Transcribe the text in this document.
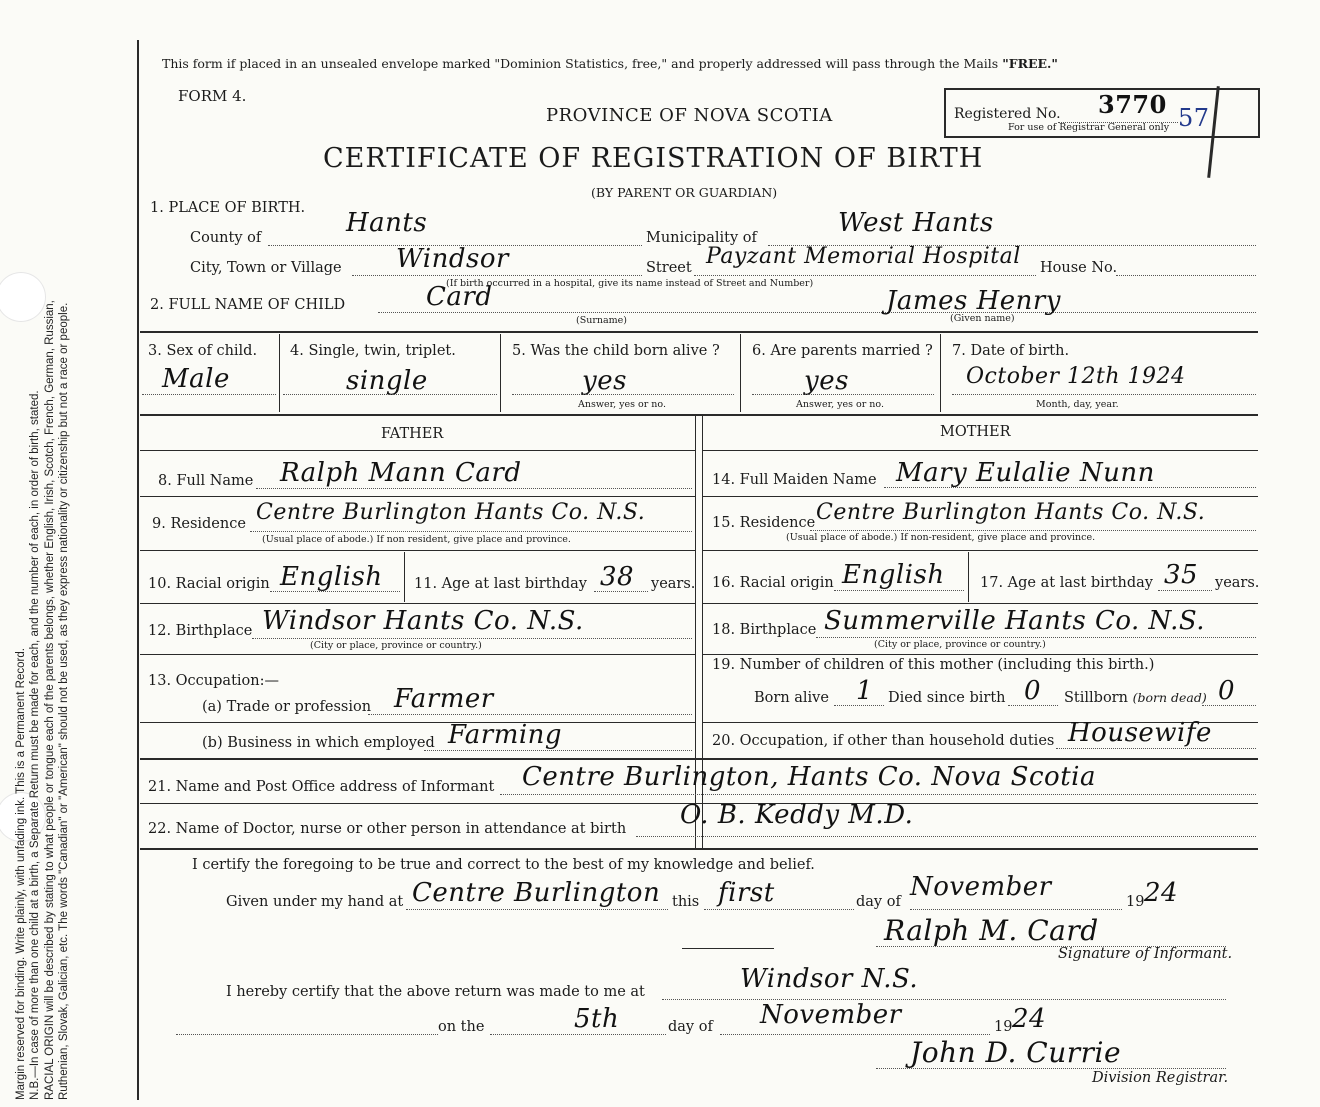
Margin reserved for binding. Write plainly, with unfading ink. This is a Permanent Record. N.B.—In case of more than one child at a birth, a Separate Return must be made for each, and the number of each, in order of birth, stated. RACIAL ORIGIN will be described by stating to what people or tongue each of the parents belongs, whether English, Irish, Scotch, French, German, Russian, Ruthenian, Slovak, Galician, etc. The words "Canadian" or "American" should not be used, as they express nationality or citizenship but not a race or people.
This form if placed in an unsealed envelope marked "Dominion Statistics, free," and properly addressed will pass through the Mails "FREE."
FORM 4.
PROVINCE OF NOVA SCOTIA
CERTIFICATE OF REGISTRATION OF BIRTH
(BY PARENT OR GUARDIAN)
Registered No. 3770 57
For use of Registrar General only
1. PLACE OF BIRTH.
County of	Hants	Municipality of	West Hants
City, Town or Village Windsor	Street Payzant Memorial Hospital House No.
(If birth occurred in a hospital, give its name instead of Street and Number)
2. FULL NAME OF CHILD	Card	James Henry
(Surname)	(Given name)
3. Sex of child.
Male
4. Single, twin, triplet.
single
5. Was the child born alive ?
yes
Answer, yes or no.
6. Are parents married ?
yes
Answer, yes or no.
7. Date of birth.
October 12th 1924
Month, day, year.
FATHER	MOTHER
8. Full Name Ralph Mann Card	14. Full Maiden Name Mary Eulalie Nunn
9. Residence Centre Burlington Hants Co. N.S.
(Usual place of abode.) If non resident, give place and province.
15. Residence Centre Burlington Hants Co. N.S.
(Usual place of abode.) If non-resident, give place and province.
10. Racial origin English 11. Age at last birthday 38 years. 16. Racial origin English 17. Age at last birthday 35 years.
12. Birthplace Windsor Hants Co. N.S.
(City or place, province or country.)
18. Birthplace Summerville Hants Co. N.S.
(City or place, province or country.)
13. Occupation:—
(a) Trade or profession Farmer
19. Number of children of this mother (including this birth.)
Born alive 1 Died since birth 0 Stillborn (born dead) 0
(b) Business in which employed Farming	20. Occupation, if other than household duties Housewife
21. Name and Post Office address of Informant Centre Burlington, Hants Co. Nova Scotia
22. Name of Doctor, nurse or other person in attendance at birth O. B. Keddy M.D.
I certify the foregoing to be true and correct to the best of my knowledge and belief.
Given under my hand at Centre Burlington this first	day of November	19 24
Ralph M. Card
Signature of Informant.
I hereby certify that the above return was made to me at	Windsor N.S.
on the	5th	day of November	19 24
John D. Currie
Division Registrar.
